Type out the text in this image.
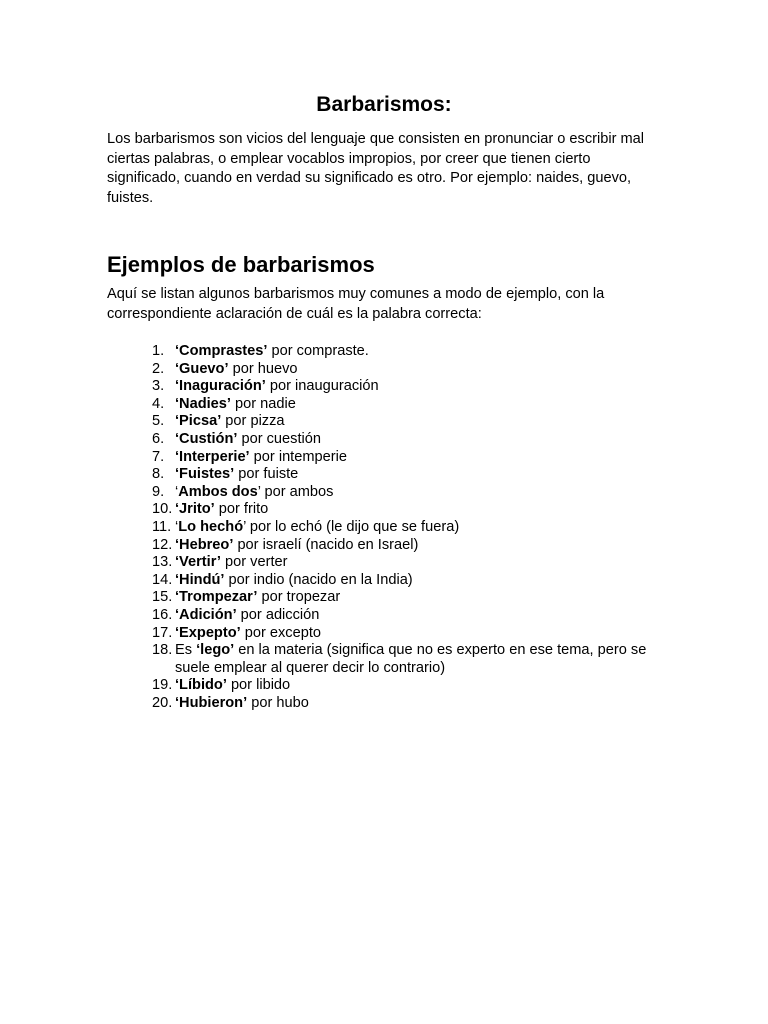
Barbarismos:

Los barbarismos son vicios del lenguaje que consisten en pronunciar o escribir mal ciertas palabras, o emplear vocablos impropios, por creer que tienen cierto significado, cuando en verdad su significado es otro. Por ejemplo: naides, guevo, fuistes.

Ejemplos de barbarismos

Aquí se listan algunos barbarismos muy comunes a modo de ejemplo, con la correspondiente aclaración de cuál es la palabra correcta:

1. ‘Comprastes’ por compraste.
2. ‘Guevo’ por huevo
3. ‘Inaguración’ por inauguración
4. ‘Nadies’ por nadie
5. ‘Picsa’ por pizza
6. ‘Custión’ por cuestión
7. ‘Interperie’ por intemperie
8. ‘Fuistes’ por fuiste
9. ‘Ambos dos’ por ambos
10. ‘Jrito’ por frito
11. ‘Lo hechó’ por lo echó (le dijo que se fuera)
12. ‘Hebreo’ por israelí (nacido en Israel)
13. ‘Vertir’ por verter
14. ‘Hindú’ por indio (nacido en la India)
15. ‘Trompezar’ por tropezar
16. ‘Adición’ por adicción
17. ‘Expepto’ por excepto
18. Es ‘lego’ en la materia (significa que no es experto en ese tema, pero se suele emplear al querer decir lo contrario)
19. ‘Líbido’ por libido
20. ‘Hubieron’ por hubo
